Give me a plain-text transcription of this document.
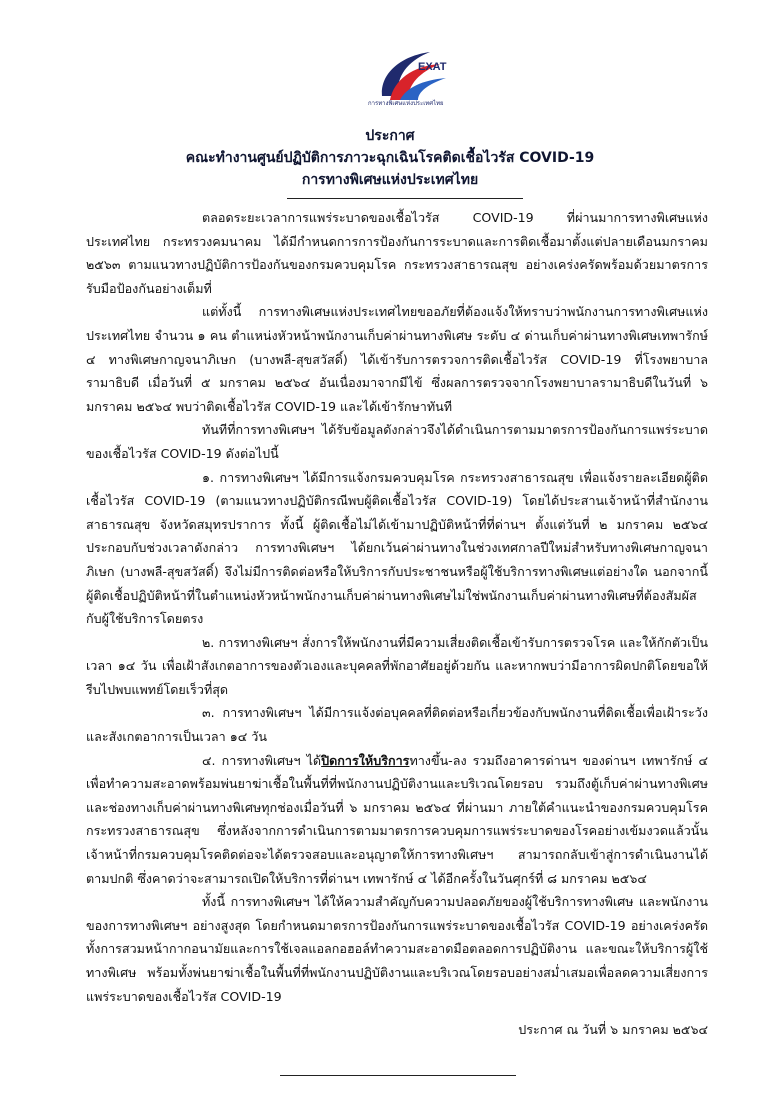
EXAT
การทางพิเศษแห่งประเทศไทย
ประกาศ
คณะทำงานศูนย์ปฏิบัติการภาวะฉุกเฉินโรคติดเชื้อไวรัส COVID-19
การทางพิเศษแห่งประเทศไทย

ตลอดระยะเวลาการแพร่ระบาดของเชื้อไวรัส COVID-19 ที่ผ่านมาการทางพิเศษแห่งประเทศไทย กระทรวงคมนาคม ได้มีกำหนดการการป้องกันการระบาดและการติดเชื้อมาตั้งแต่ปลายเดือนมกราคม ๒๕๖๓ ตามแนวทางปฏิบัติการป้องกันของกรมควบคุมโรค กระทรวงสาธารณสุข อย่างเคร่งครัดพร้อมด้วยมาตรการรับมือป้องกันอย่างเต็มที่

แต่ทั้งนี้ การทางพิเศษแห่งประเทศไทยขออภัยที่ต้องแจ้งให้ทราบว่าพนักงานการทางพิเศษแห่งประเทศไทย จำนวน ๑ คน ตำแหน่งหัวหน้าพนักงานเก็บค่าผ่านทางพิเศษ ระดับ ๔ ด่านเก็บค่าผ่านทางพิเศษเทพารักษ์ ๔ ทางพิเศษกาญจนาภิเษก (บางพลี-สุขสวัสดิ์) ได้เข้ารับการตรวจการติดเชื้อไวรัส COVID-19 ที่โรงพยาบาลรามาธิบดี เมื่อวันที่ ๕ มกราคม ๒๕๖๔ อันเนื่องมาจากมีไข้ ซึ่งผลการตรวจจากโรงพยาบาลรามาธิบดีในวันที่ ๖ มกราคม ๒๕๖๔ พบว่าติดเชื้อไวรัส COVID-19 และได้เข้ารักษาทันที

ทันทีที่การทางพิเศษฯ ได้รับข้อมูลดังกล่าวจึงได้ดำเนินการตามมาตรการป้องกันการแพร่ระบาดของเชื้อไวรัส COVID-19 ดังต่อไปนี้

๑. การทางพิเศษฯ ได้มีการแจ้งกรมควบคุมโรค กระทรวงสาธารณสุข เพื่อแจ้งรายละเอียดผู้ติดเชื้อไวรัส COVID-19 (ตามแนวทางปฏิบัติกรณีพบผู้ติดเชื้อไวรัส COVID-19) โดยได้ประสานเจ้าหน้าที่สำนักงานสาธารณสุข จังหวัดสมุทรปราการ ทั้งนี้ ผู้ติดเชื้อไม่ได้เข้ามาปฏิบัติหน้าที่ที่ด่านฯ ตั้งแต่วันที่ ๒ มกราคม ๒๕๖๔ ประกอบกับช่วงเวลาดังกล่าว การทางพิเศษฯ ได้ยกเว้นค่าผ่านทางในช่วงเทศกาลปีใหม่สำหรับทางพิเศษกาญจนาภิเษก (บางพลี-สุขสวัสดิ์) จึงไม่มีการติดต่อหรือให้บริการกับประชาชนหรือผู้ใช้บริการทางพิเศษแต่อย่างใด นอกจากนี้ ผู้ติดเชื้อปฏิบัติหน้าที่ในตำแหน่งหัวหน้าพนักงานเก็บค่าผ่านทางพิเศษไม่ใช่พนักงานเก็บค่าผ่านทางพิเศษที่ต้องสัมผัสกับผู้ใช้บริการโดยตรง

๒. การทางพิเศษฯ สั่งการให้พนักงานที่มีความเสี่ยงติดเชื้อเข้ารับการตรวจโรค และให้กักตัวเป็นเวลา ๑๔ วัน เพื่อเฝ้าสังเกตอาการของตัวเองและบุคคลที่พักอาศัยอยู่ด้วยกัน และหากพบว่ามีอาการผิดปกติโดยขอให้รีบไปพบแพทย์โดยเร็วที่สุด

๓. การทางพิเศษฯ ได้มีการแจ้งต่อบุคคลที่ติดต่อหรือเกี่ยวข้องกับพนักงานที่ติดเชื้อเพื่อเฝ้าระวังและสังเกตอาการเป็นเวลา ๑๔ วัน

๔. การทางพิเศษฯ ได้ปิดการให้บริการทางขึ้น-ลง รวมถึงอาคารด่านฯ ของด่านฯ เทพารักษ์ ๔ เพื่อทำความสะอาดพร้อมพ่นยาฆ่าเชื้อในพื้นที่ที่พนักงานปฏิบัติงานและบริเวณโดยรอบ รวมถึงตู้เก็บค่าผ่านทางพิเศษและช่องทางเก็บค่าผ่านทางพิเศษทุกช่องเมื่อวันที่ ๖ มกราคม ๒๕๖๔ ที่ผ่านมา ภายใต้คำแนะนำของกรมควบคุมโรค กระทรวงสาธารณสุข ซึ่งหลังจากการดำเนินการตามมาตรการควบคุมการแพร่ระบาดของโรคอย่างเข้มงวดแล้วนั้น เจ้าหน้าที่กรมควบคุมโรคติดต่อจะได้ตรวจสอบและอนุญาตให้การทางพิเศษฯ สามารถกลับเข้าสู่การดำเนินงานได้ตามปกติ ซึ่งคาดว่าจะสามารถเปิดให้บริการที่ด่านฯ เทพารักษ์ ๔ ได้อีกครั้งในวันศุกร์ที่ ๘ มกราคม ๒๕๖๔

ทั้งนี้ การทางพิเศษฯ ได้ให้ความสำคัญกับความปลอดภัยของผู้ใช้บริการทางพิเศษ และพนักงานของการทางพิเศษฯ อย่างสูงสุด โดยกำหนดมาตรการป้องกันการแพร่ระบาดของเชื้อไวรัส COVID-19 อย่างเคร่งครัด ทั้งการสวมหน้ากากอนามัยและการใช้เจลแอลกอฮอล์ทำความสะอาดมือตลอดการปฏิบัติงาน และขณะให้บริการผู้ใช้ทางพิเศษ พร้อมทั้งพ่นยาฆ่าเชื้อในพื้นที่ที่พนักงานปฏิบัติงานและบริเวณโดยรอบอย่างสม่ำเสมอเพื่อลดความเสี่ยงการแพร่ระบาดของเชื้อไวรัส COVID-19

ประกาศ ณ วันที่ ๖ มกราคม ๒๕๖๔
